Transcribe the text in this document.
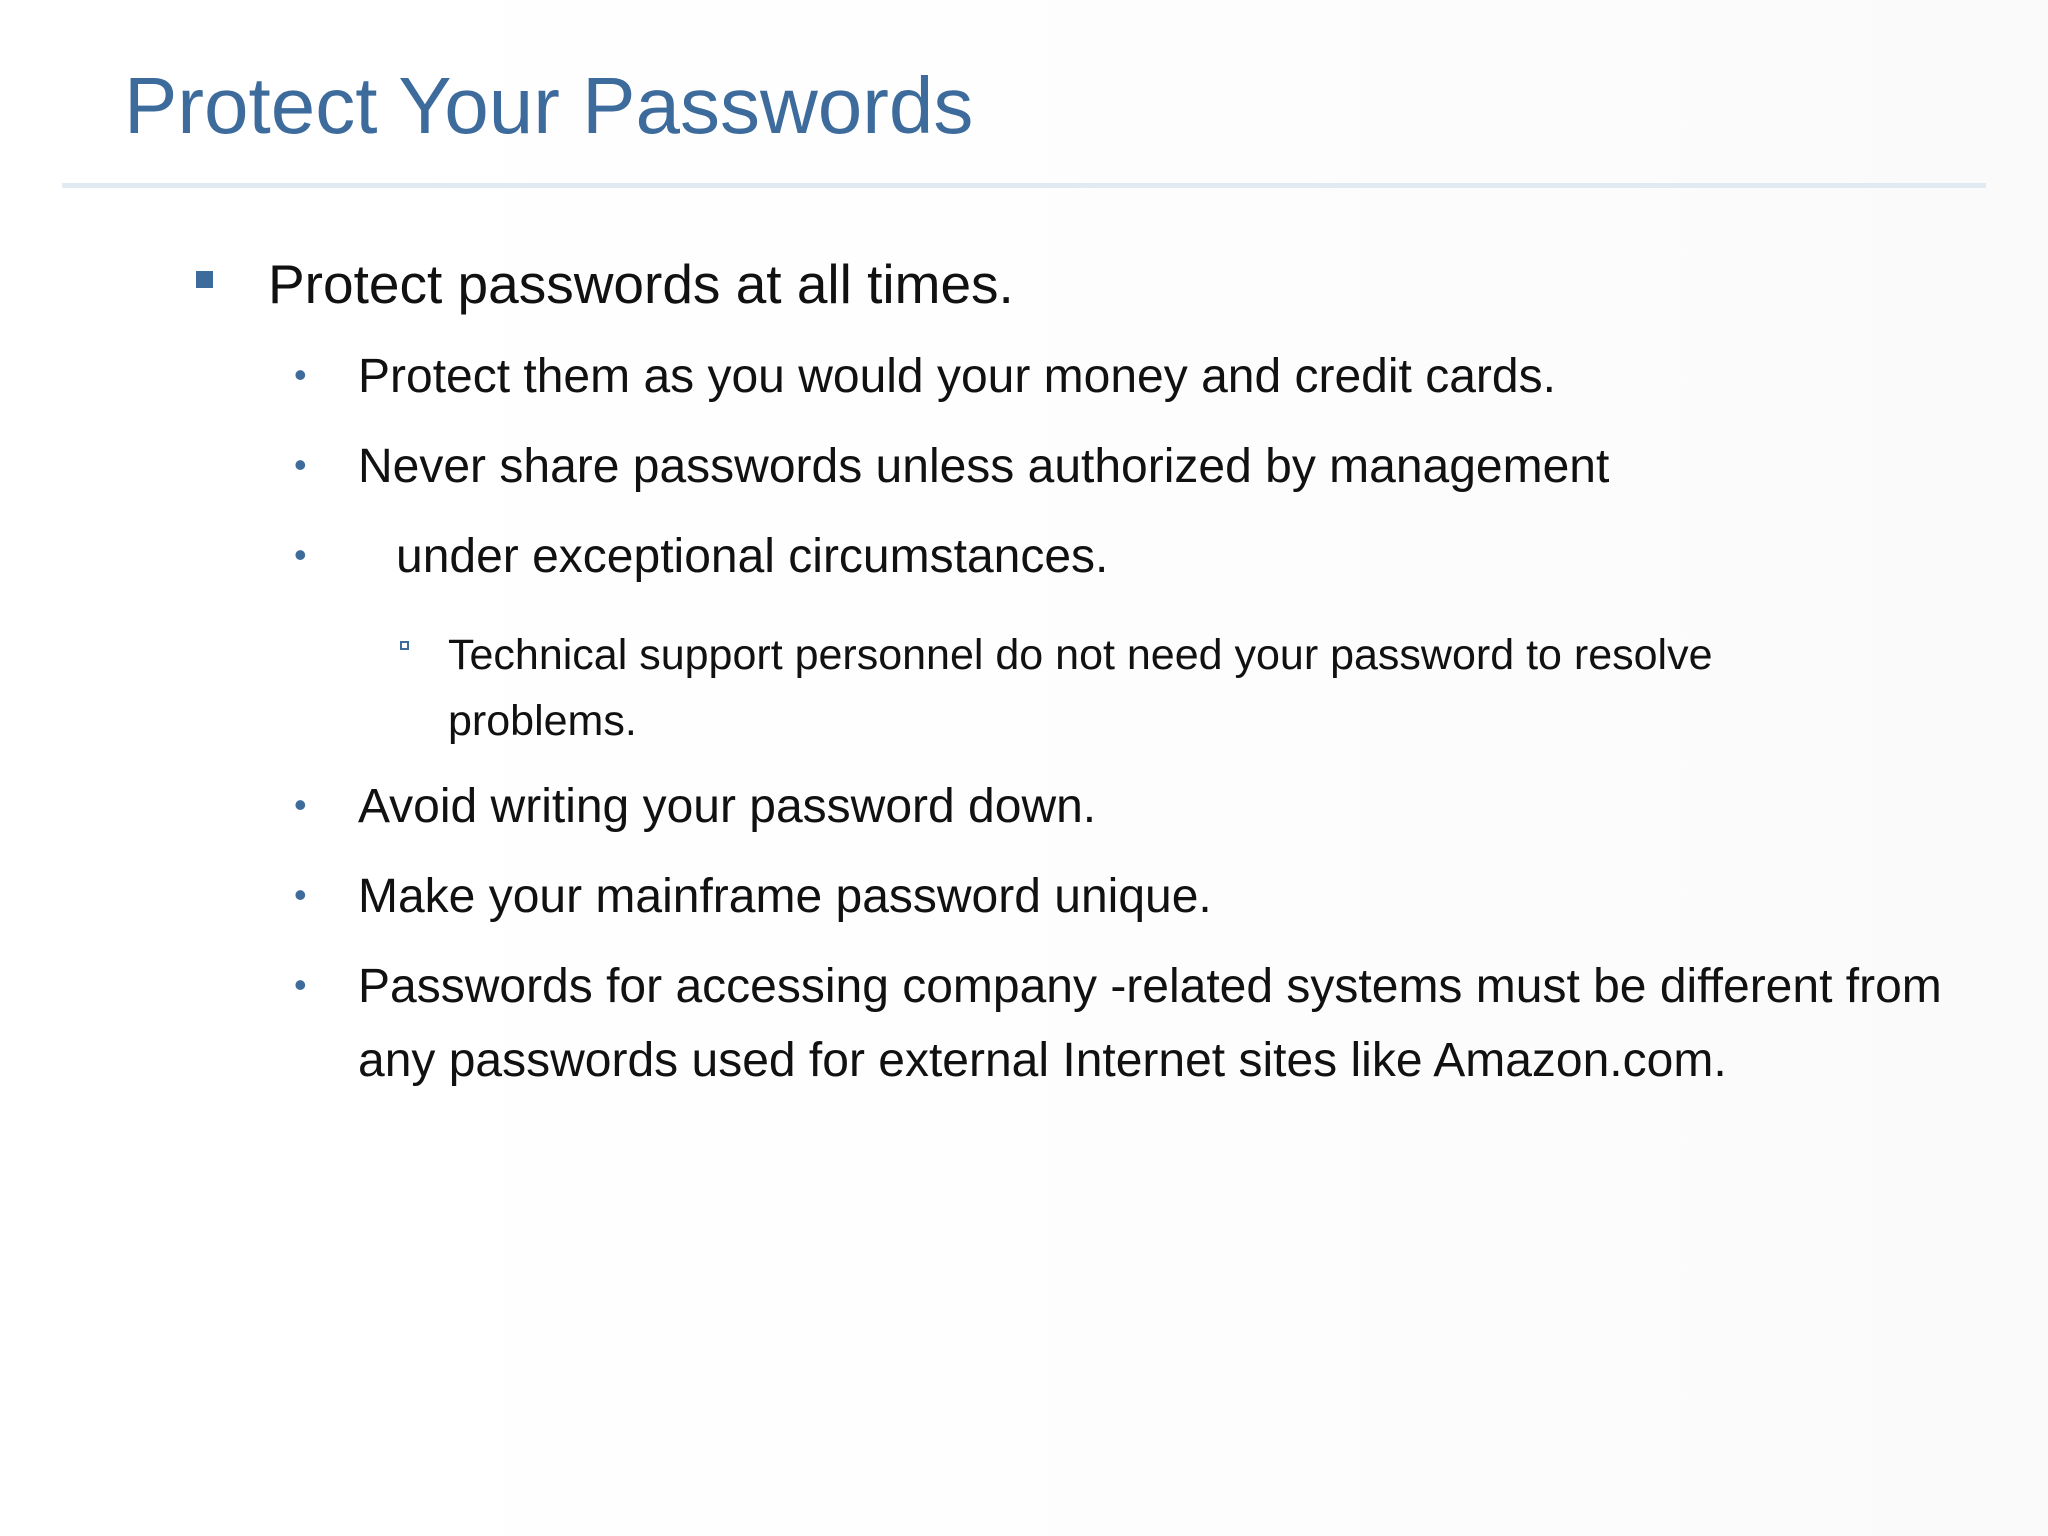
Protect Your Passwords
Protect passwords at all times.
• Protect them as you would your money and credit cards.
• Never share passwords unless authorized by management
• under exceptional circumstances.
Technical support personnel do not need your password to resolve problems.
• Avoid writing your password down.
• Make your mainframe password unique.
• Passwords for accessing company -related systems must be different from any passwords used for external Internet sites like Amazon.com.
